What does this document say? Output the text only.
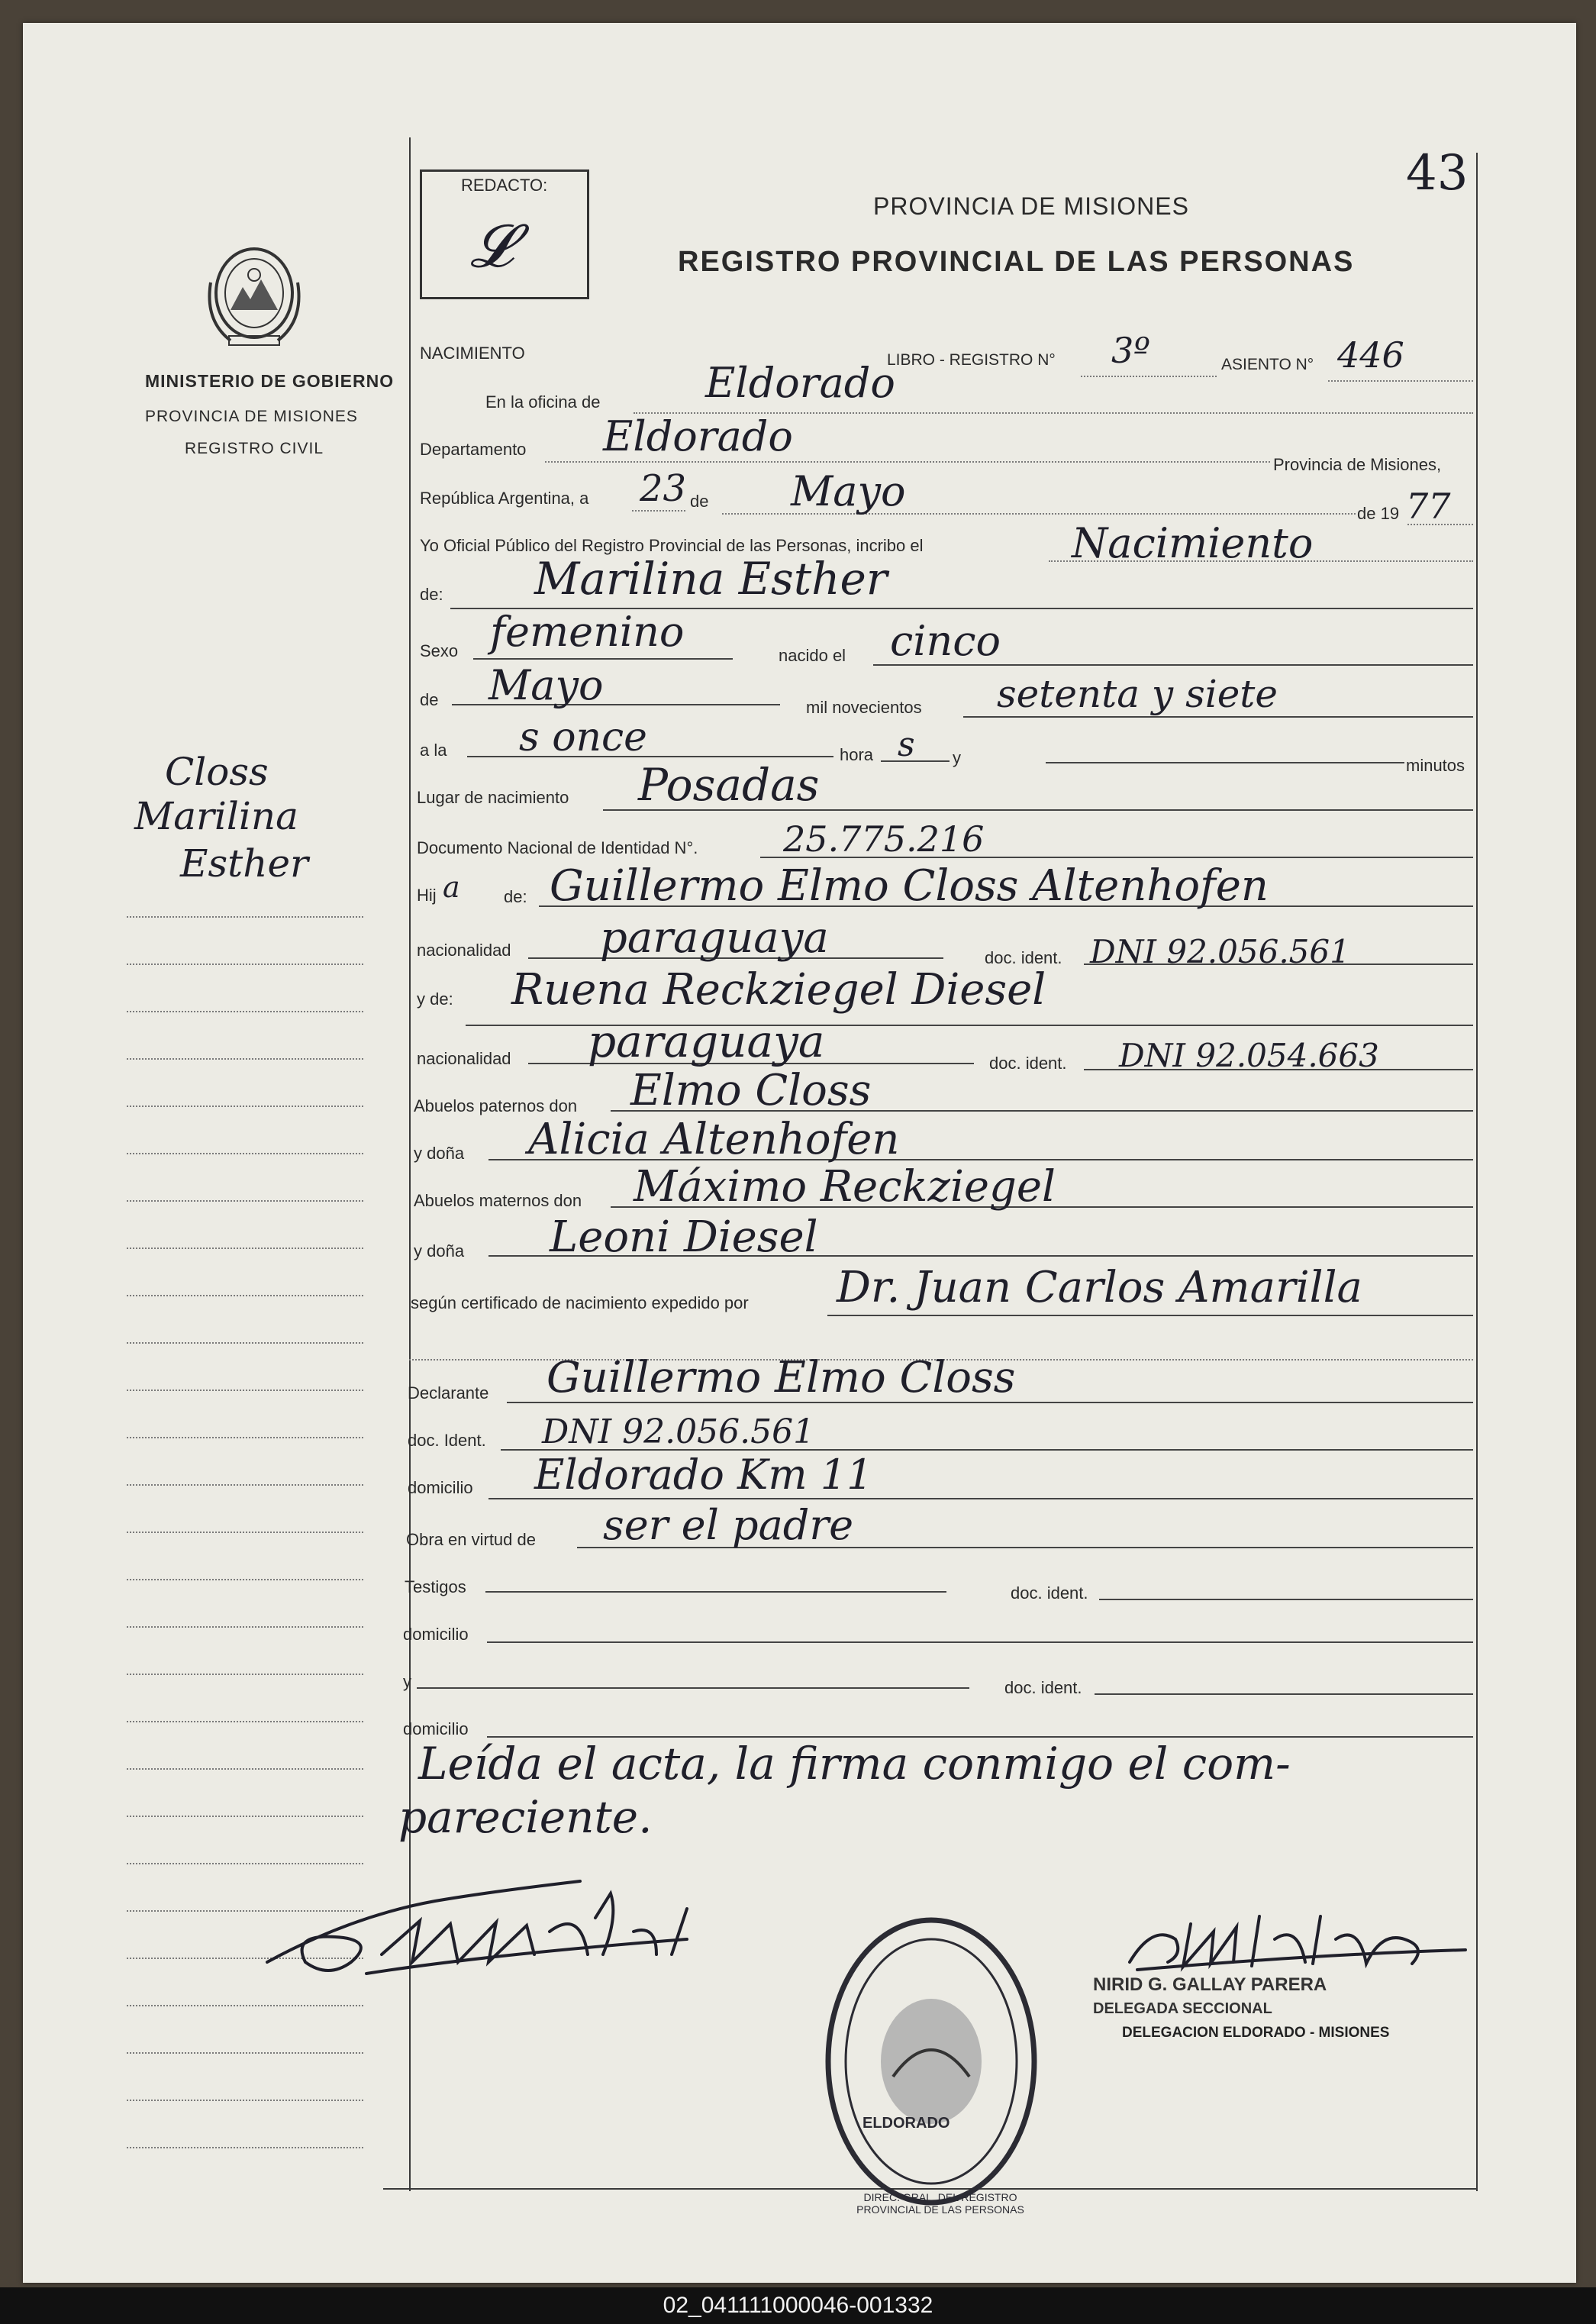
43
REDACTO:
𝓛
PROVINCIA DE MISIONES
REGISTRO PROVINCIAL DE LAS PERSONAS
MINISTERIO DE GOBIERNO
PROVINCIA DE MISIONES
REGISTRO CIVIL
Closs
Marilina
Esther
NACIMIENTO	LIBRO - REGISTRO N° 3º	ASIENTO N° 446
En la oficina de	Eldorado
Departamento Eldorado
Provincia de Misiones,
República Argentina, a 23 de Mayo	de 19 77
Yo Oficial Público del Registro Provincial de las Personas, incribo el	Nacimiento
de: Marilina Esther
Sexo femenino	nacido el cinco
de Mayo	mil novecientos setenta y siete
a la s once	hora s y	minutos
Lugar de nacimiento Posadas
Documento Nacional de Identidad N°. 25.775.216
Hij a	de: Guillermo Elmo Closs Altenhofen
nacionalidad paraguaya	doc. ident. DNI 92.056.561
y de: Ruena Reckziegel Diesel
nacionalidad paraguaya	doc. ident. DNI 92.054.663
Abuelos paternos don Elmo Closs
y doña Alicia Altenhofen
Abuelos maternos don Máximo Reckziegel
y doña Leoni Diesel
según certificado de nacimiento expedido por Dr. Juan Carlos Amarilla
Declarante Guillermo Elmo Closs
doc. Ident. DNI 92.056.561
domicilio Eldorado Km 11
Obra en virtud de ser el padre
Testigos	doc. ident.
domicilio
y	doc. ident.
domicilio
Leída el acta, la firma conmigo el com-
pareciente.
ELDORADO
DIREC. GRAL. DEL REGISTRO PROVINCIAL DE LAS PERSONAS
NIRID G. GALLAY PARERA
DELEGADA SECCIONAL
DELEGACION ELDORADO - MISIONES
02_041111000046-001332
